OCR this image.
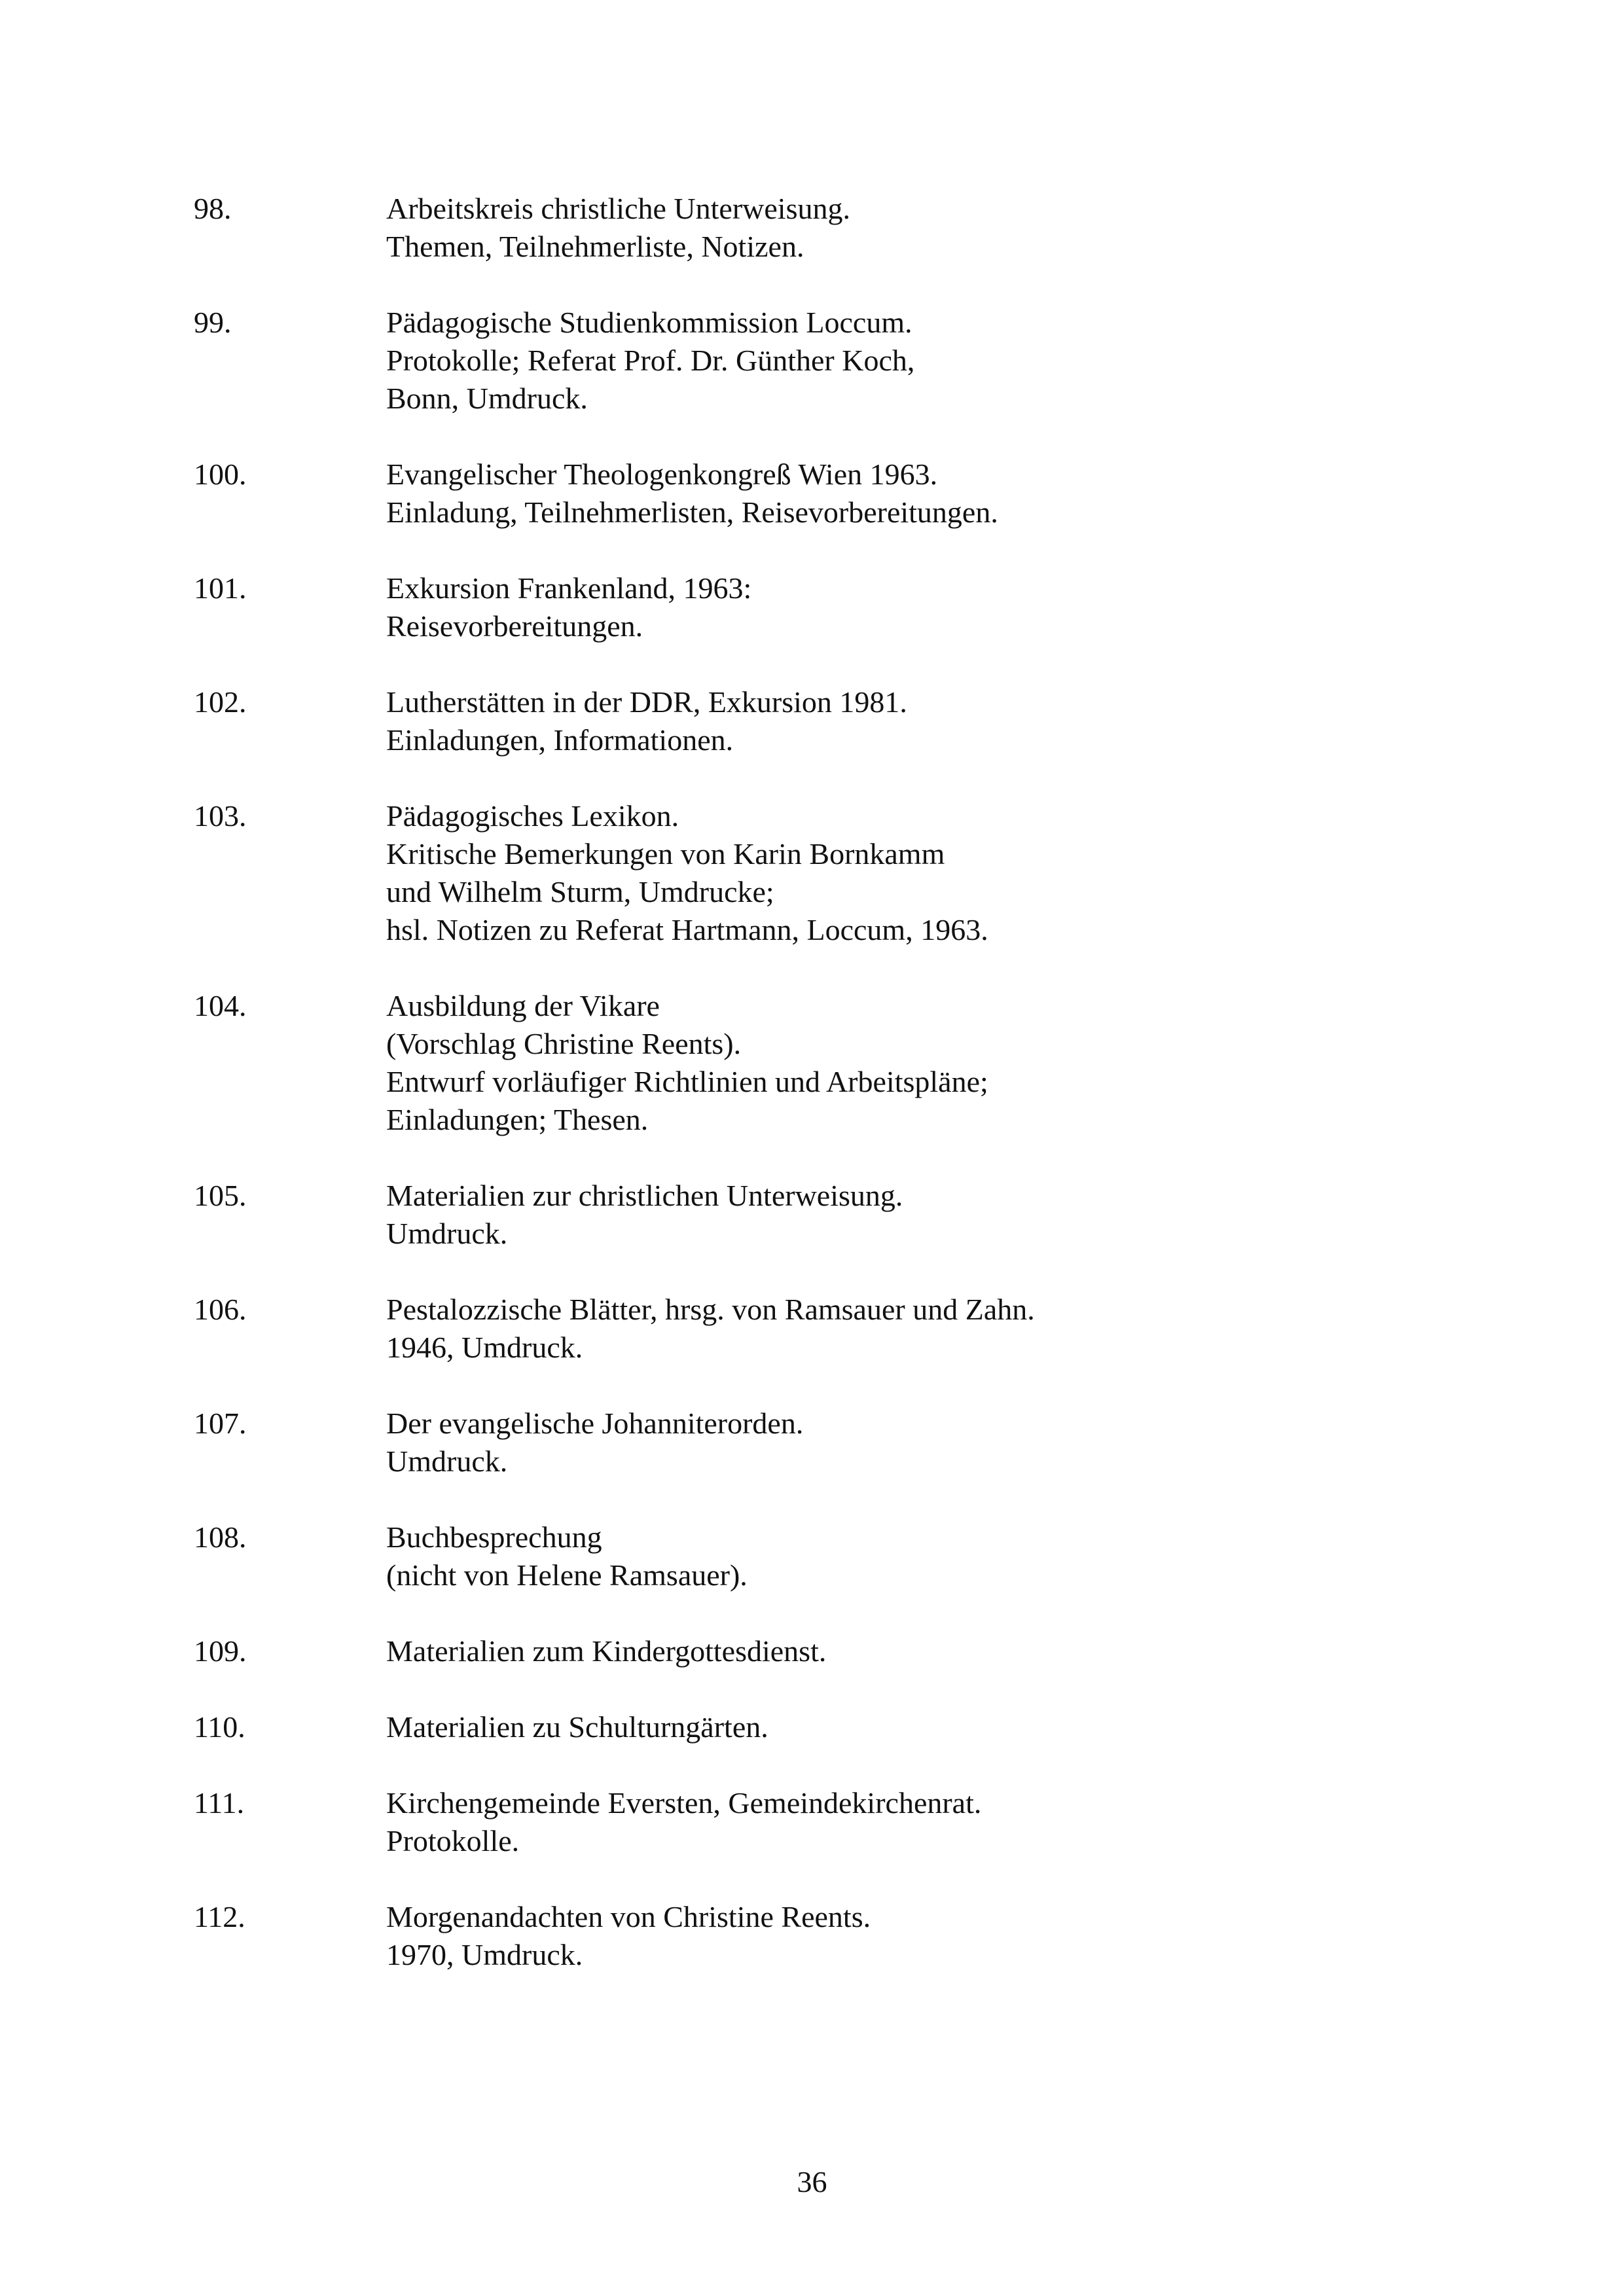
98.	Arbeitskreis christliche Unterweisung.
Themen, Teilnehmerliste, Notizen.
99.	Pädagogische Studienkommission Loccum.
Protokolle; Referat Prof. Dr. Günther Koch,
Bonn, Umdruck.
100.	Evangelischer Theologenkongreß Wien 1963.
Einladung, Teilnehmerlisten, Reisevorbereitungen.
101.	Exkursion Frankenland, 1963:
Reisevorbereitungen.
102.	Lutherstätten in der DDR, Exkursion 1981.
Einladungen, Informationen.
103.	Pädagogisches Lexikon.
Kritische Bemerkungen von Karin Bornkamm
und Wilhelm Sturm, Umdrucke;
hsl. Notizen zu Referat Hartmann, Loccum, 1963.
104.	Ausbildung der Vikare
(Vorschlag Christine Reents).
Entwurf vorläufiger Richtlinien und Arbeitspläne;
Einladungen; Thesen.
105.	Materialien zur christlichen Unterweisung.
Umdruck.
106.	Pestalozzische Blätter, hrsg. von Ramsauer und Zahn.
1946, Umdruck.
107.	Der evangelische Johanniterorden.
Umdruck.
108.	Buchbesprechung
(nicht von Helene Ramsauer).
109.	Materialien zum Kindergottesdienst.
110.	Materialien zu Schulturngärten.
111.	Kirchengemeinde Eversten, Gemeindekirchenrat.
Protokolle.
112.	Morgenandachten von Christine Reents.
1970, Umdruck.
36
